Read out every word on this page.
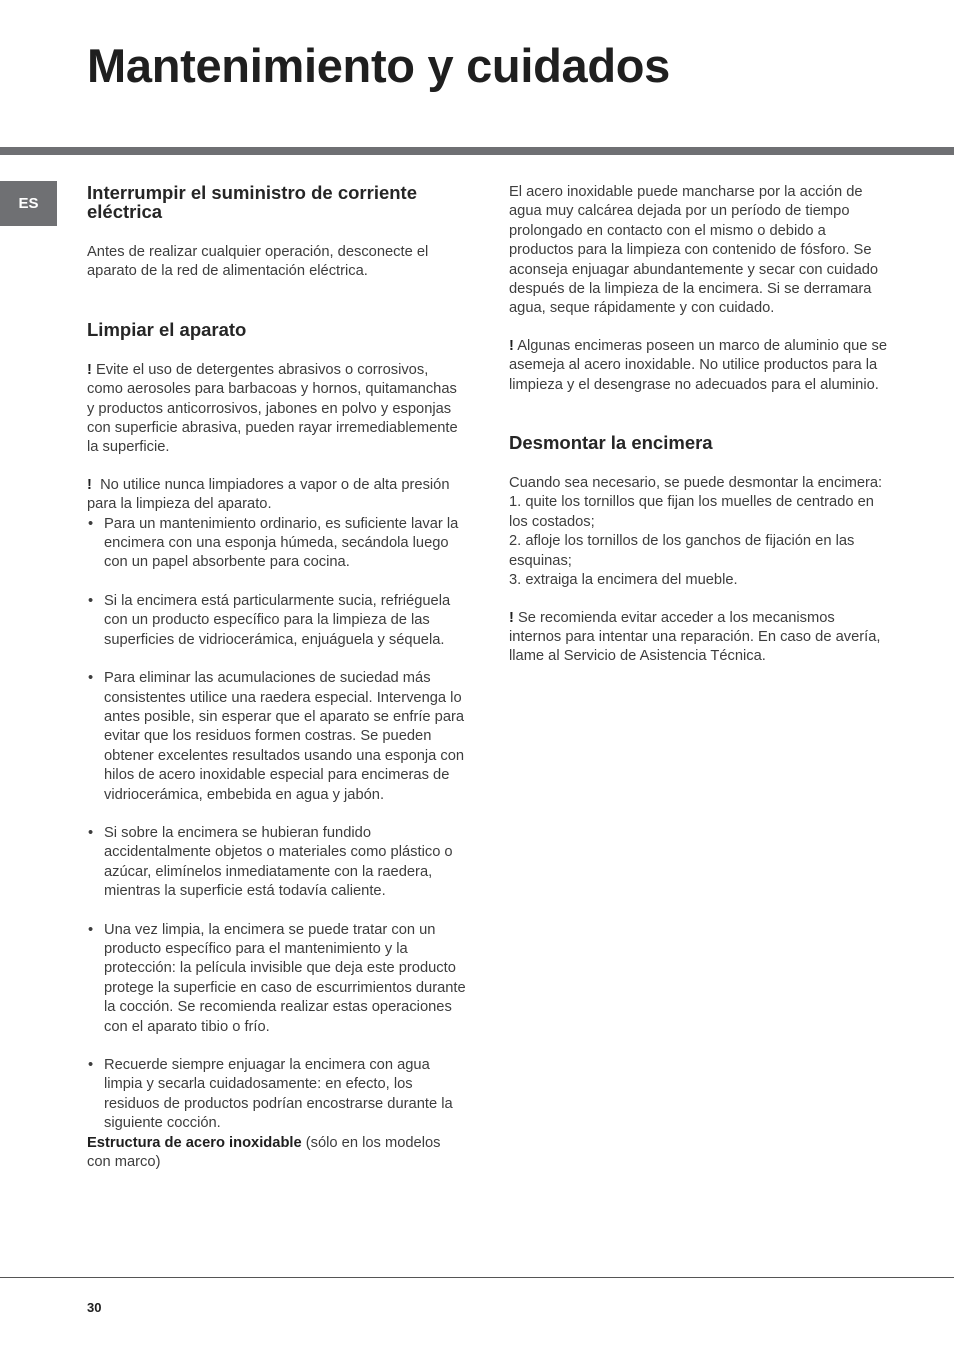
Mantenimiento y cuidados
ES
Interrumpir el suministro de corriente eléctrica

Antes de realizar cualquier operación, desconecte el aparato de la red de alimentación eléctrica.

Limpiar el aparato

! Evite el uso de detergentes abrasivos o corrosivos, como aerosoles para barbacoas y hornos, quitamanchas y productos anticorrosivos, jabones en polvo y esponjas con superficie abrasiva, pueden rayar irremediablemente la superficie.

! No utilice nunca limpiadores a vapor o de alta presión para la limpieza del aparato.

• Para un mantenimiento ordinario, es suficiente lavar la encimera con una esponja húmeda, secándola luego con un papel absorbente para cocina.
• Si la encimera está particularmente sucia, refriéguela con un producto específico para la limpieza de las superficies de vidriocerámica, enjuáguela y séquela.
• Para eliminar las acumulaciones de suciedad más consistentes utilice una raedera especial. Intervenga lo antes posible, sin esperar que el aparato se enfríe para evitar que los residuos formen costras. Se pueden obtener excelentes resultados usando una esponja con hilos de acero inoxidable especial para encimeras de vidriocerámica, embebida en agua y jabón.
• Si sobre la encimera se hubieran fundido accidentalmente objetos o materiales como plástico o azúcar, elimínelos inmediatamente con la raedera, mientras la superficie está todavía caliente.
• Una vez limpia, la encimera se puede tratar con un producto específico para el mantenimiento y la protección: la película invisible que deja este producto protege la superficie en caso de escurrimientos durante la cocción. Se recomienda realizar estas operaciones con el aparato tibio o frío.
• Recuerde siempre enjuagar la encimera con agua limpia y secarla cuidadosamente: en efecto, los residuos de productos podrían encostrarse durante la siguiente cocción.

Estructura de acero inoxidable (sólo en los modelos con marco)

El acero inoxidable puede mancharse por la acción de agua muy calcárea dejada por un período de tiempo prolongado en contacto con el mismo o debido a productos para la limpieza con contenido de fósforo. Se aconseja enjuagar abundantemente y secar con cuidado después de la limpieza de la encimera. Si se derramara agua, seque rápidamente y con cuidado.

! Algunas encimeras poseen un marco de aluminio que se asemeja al acero inoxidable. No utilice productos para la limpieza y el desengrase no adecuados para el aluminio.

Desmontar la encimera

Cuando sea necesario, se puede desmontar la encimera:

1. quite los tornillos que fijan los muelles de centrado en los costados;

2. afloje los tornillos de los ganchos de fijación en las esquinas;

3. extraiga la encimera del mueble.

! Se recomienda evitar acceder a los mecanismos internos para intentar una reparación. En caso de avería, llame al Servicio de Asistencia Técnica.

30
